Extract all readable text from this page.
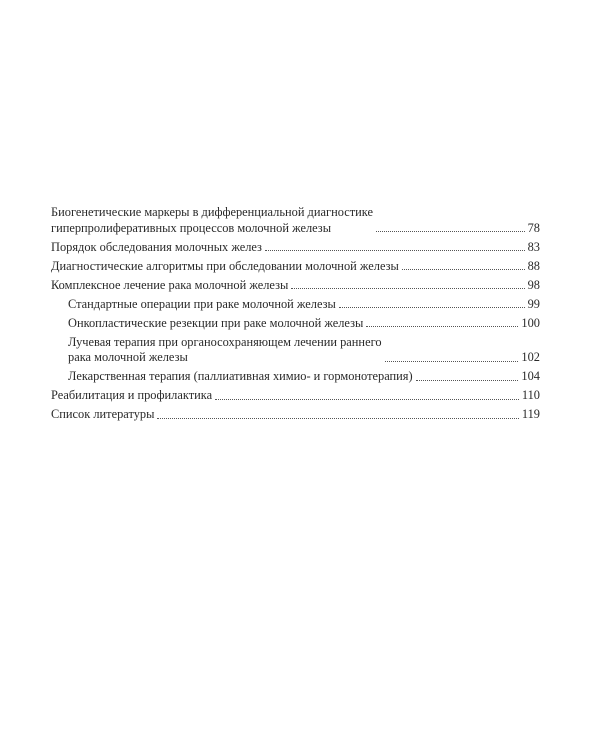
Биогенетические маркеры в дифференциальной диагностике
гиперпролиферативных процессов молочной железы	78
Порядок обследования молочных желез	83
Диагностические алгоритмы при обследовании молочной железы	88
Комплексное лечение рака молочной железы	98
Стандартные операции при раке молочной железы	99
Онкопластические резекции при раке молочной железы	100
Лучевая терапия при органосохраняющем лечении раннего
рака молочной железы	102
Лекарственная терапия (паллиативная химио- и гормонотерапия)	104
Реабилитация и профилактика	110
Список литературы	119
